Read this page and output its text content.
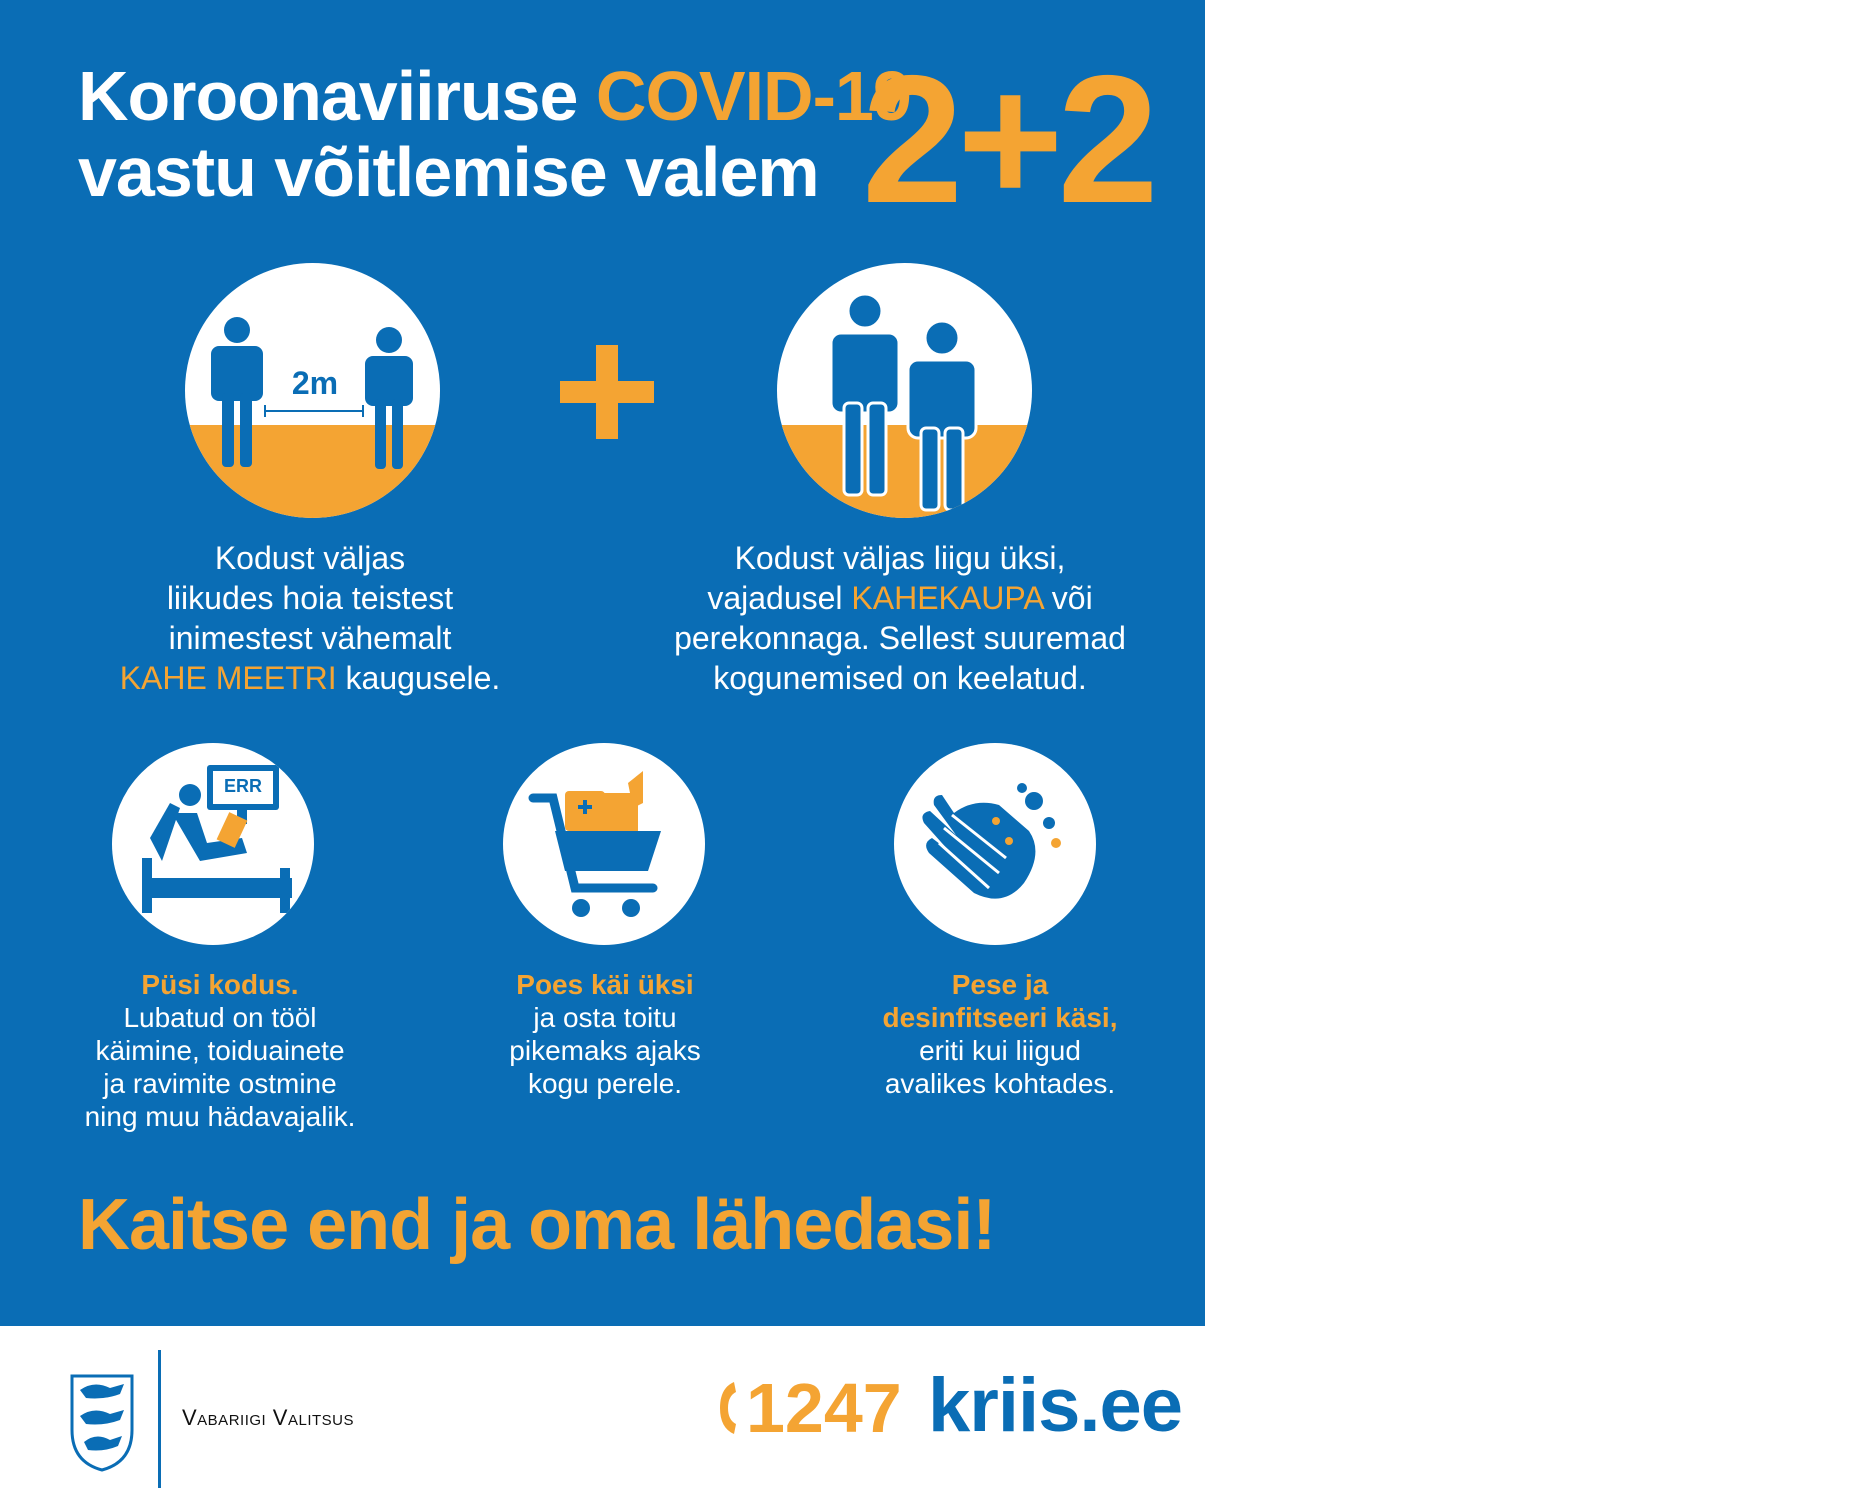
Koroonaviiruse COVID-19
vastu võitlemise valem 2+2
2m
Kodust väljas
liikudes hoia teistest
inimestest vähemalt
KAHE MEETRI kaugusele.
Kodust väljas liigu üksi,
vajadusel KAHEKAUPA või
perekonnaga. Sellest suuremad
kogunemised on keelatud.
ERR
Püsi kodus.
Lubatud on tööl
käimine, toiduainete
ja ravimite ostmine
ning muu hädavajalik.
Poes käi üksi
ja osta toitu
pikemaks ajaks
kogu perele.
Pese ja
desinfitseeri käsi,
eriti kui liigud
avalikes kohtades.
Kaitse end ja oma lähedasi!
Vabariigi Valitsus	1247 kriis.ee
